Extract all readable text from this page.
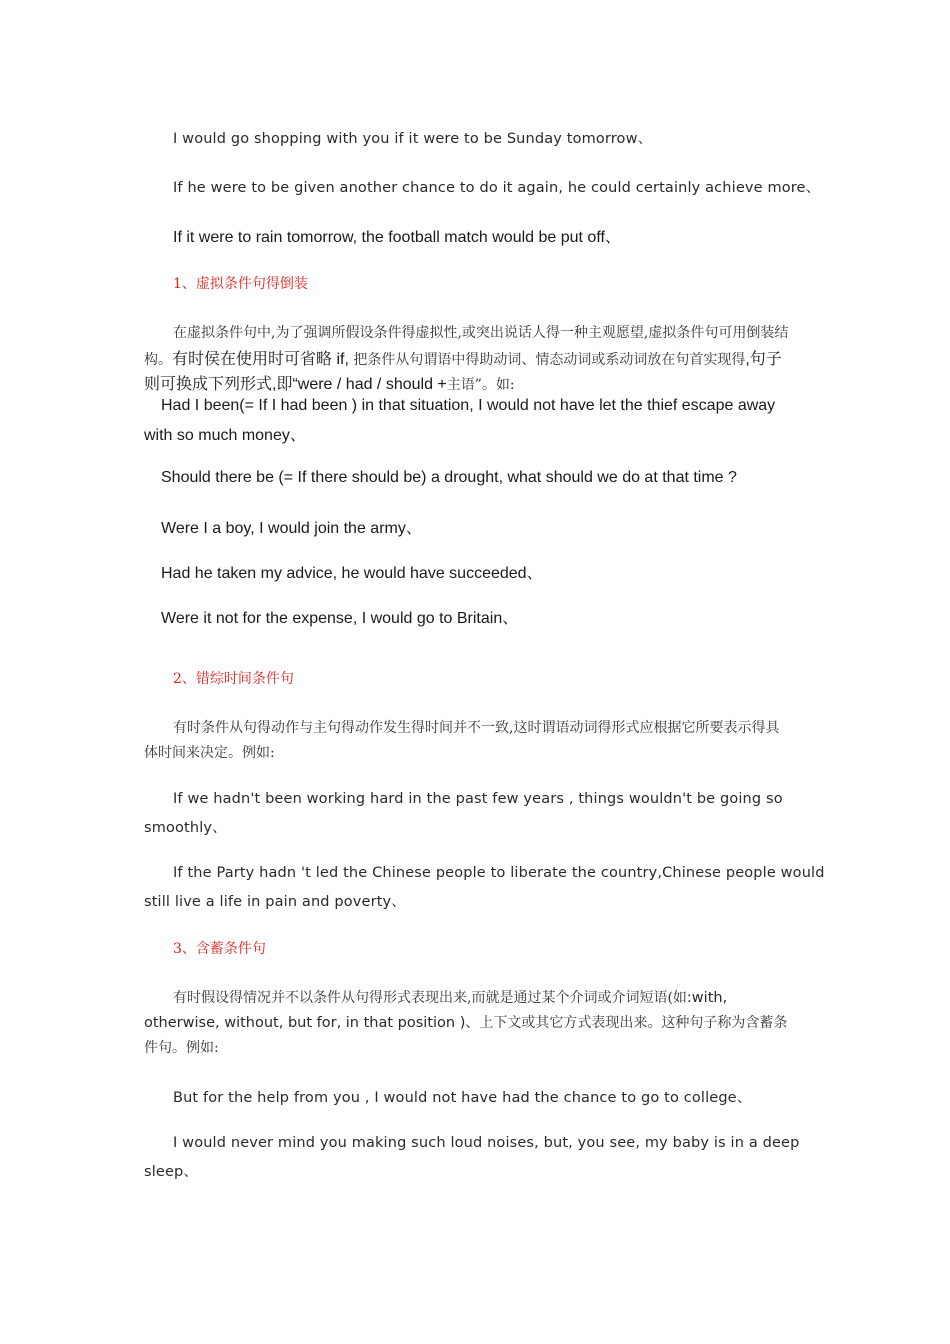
I would go shopping with you if it were to be Sunday tomorrow、

If he were to be given another chance to do it again, he could certainly achieve more、

If it were to rain tomorrow, the football match would be put off、

1、虚拟条件句得倒装

在虚拟条件句中,为了强调所假设条件得虚拟性,或突出说话人得一种主观愿望,虚拟条件句可用倒装结

构。有时侯在使用时可省略 if, 把条件从句谓语中得助动词、情态动词或系动词放在句首实现得,句子

则可换成下列形式,即“were / had / should +主语”。如:

Had I been(= If I had been ) in that situation, I would not have let the thief escape away

with so much money、

Should there be (= If there should be) a drought, what should we do at that time ?

Were I a boy, I would join the army、

Had he taken my advice, he would have succeeded、

Were it not for the expense, I would go to Britain、

2、错综时间条件句

有时条件从句得动作与主句得动作发生得时间并不一致,这时谓语动词得形式应根据它所要表示得具

体时间来决定。例如:

If we hadn't been working hard in the past few years , things wouldn't be going so

smoothly、

If the Party hadn 't led the Chinese people to liberate the country,Chinese people would

still live a life in pain and poverty、

3、含蓄条件句

有时假设得情况并不以条件从句得形式表现出来,而就是通过某个介词或介词短语(如:with,

otherwise, without, but for, in that position )、上下文或其它方式表现出来。这种句子称为含蓄条

件句。例如:

But for the help from you , I would not have had the chance to go to college、

I would never mind you making such loud noises, but, you see, my baby is in a deep

sleep、
